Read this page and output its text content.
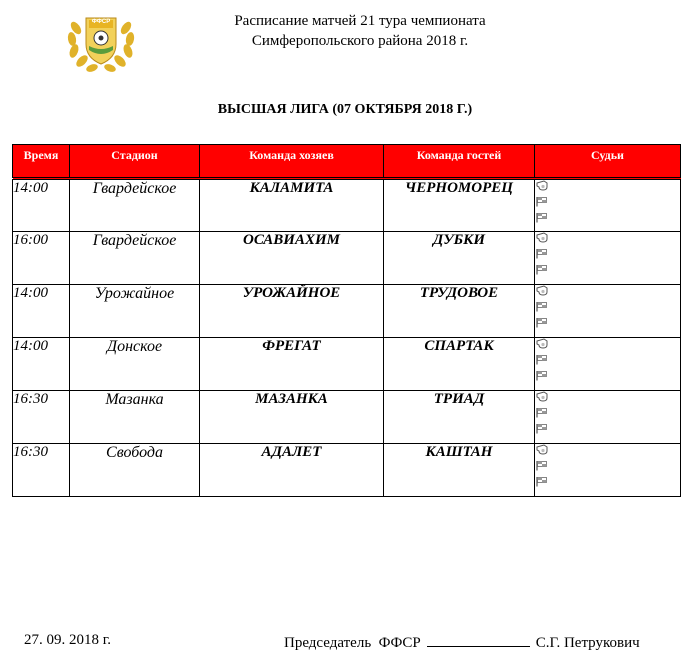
ФФСР	Расписание матчей 21 тура чемпионата
Симферопольского района 2018 г.
ВЫСШАЯ ЛИГА (07 ОКТЯБРЯ 2018 Г.)
Время	Стадион	Команда хозяев	Команда гостей	Судьи
14:00	Гвардейское	КАЛАМИТА	ЧЕРНОМОРЕЦ	

16:00	Гвардейское	ОСАВИАХИМ	ДУБКИ	

14:00	Урожайное	УРОЖАЙНОЕ	ТРУДОВОЕ	

14:00	Донское	ФРЕГАТ	СПАРТАК	

16:30	Мазанка	МАЗАНКА	ТРИАД	

16:30	Свобода	АДАЛЕТ	КАШТАН	
27. 09. 2018 г.	Председатель  ФФСР	С.Г. Петрукович
